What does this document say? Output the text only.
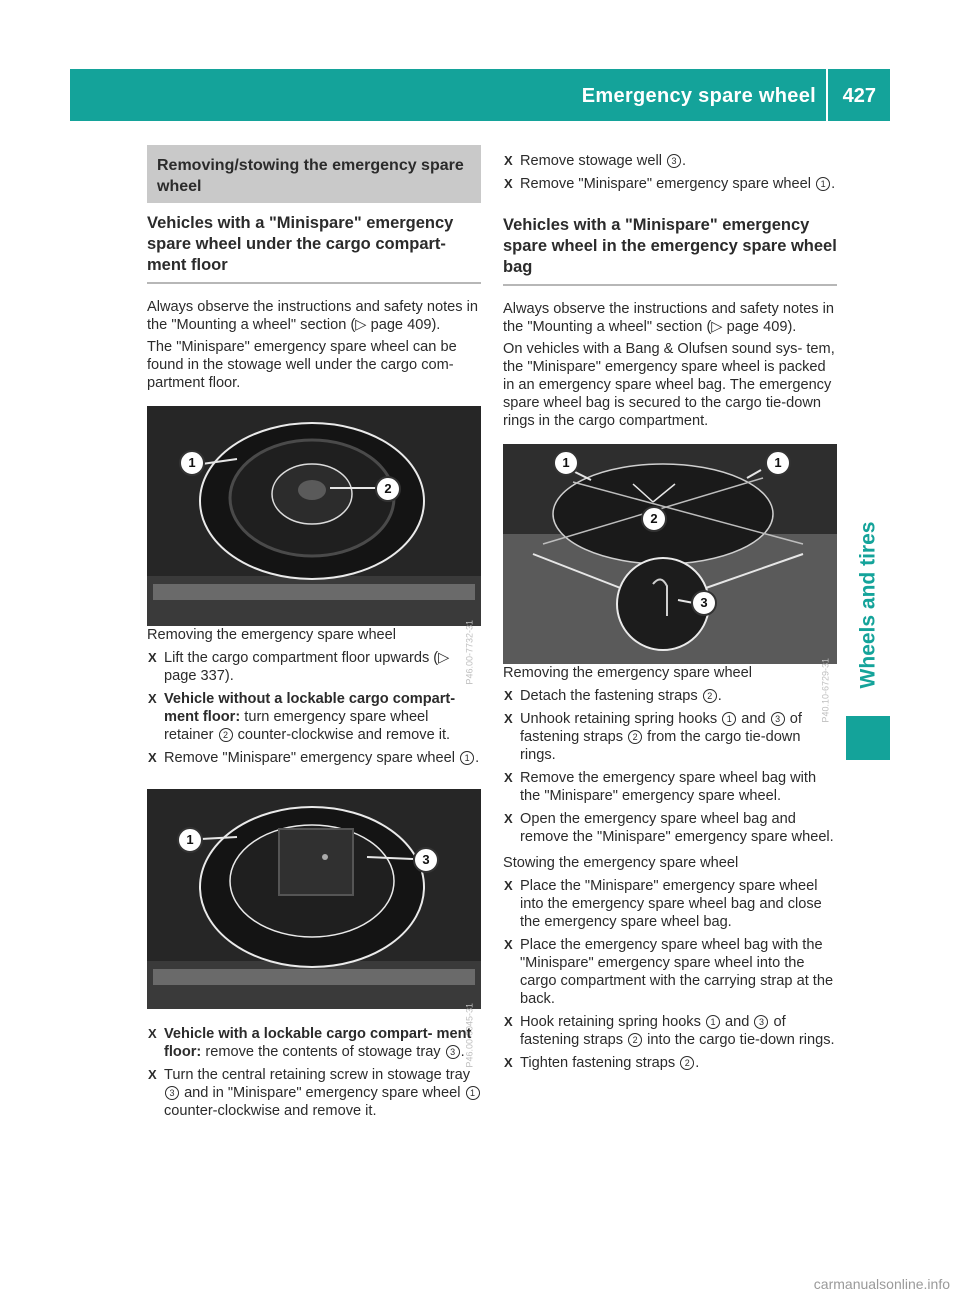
Emergency spare wheel 427
Wheels and tires
Removing/stowing the emergency spare wheel
Vehicles with a "Minispare" emergency spare wheel under the cargo compart- ment floor

Always observe the instructions and safety notes in the "Mounting a wheel" section (▷ page 409).

The "Minispare" emergency spare wheel can be found in the stowage well under the cargo com- partment floor.

1
2
P46.00-7732-31

Removing the emergency spare wheel

X Lift the cargo compartment floor upwards (▷ page 337).
X Vehicle without a lockable cargo compart- ment floor: turn emergency spare wheel retainer 2 counter-clockwise and remove it.
X Remove "Minispare" emergency spare wheel 1 .
1
3
P46.00-6045-31
X Vehicle with a lockable cargo compart- ment floor: remove the contents of stowage tray 3 .
X Turn the central retaining screw in stowage tray 3 and in "Minispare" emergency spare wheel 1 counter-clockwise and remove it.
X Remove stowage well 3 .
X Remove "Minispare" emergency spare wheel 1 .
Vehicles with a "Minispare" emergency spare wheel in the emergency spare wheel bag

Always observe the instructions and safety notes in the "Mounting a wheel" section (▷ page 409).

On vehicles with a Bang & Olufsen sound sys- tem, the "Minispare" emergency spare wheel is packed in an emergency spare wheel bag. The emergency spare wheel bag is secured to the cargo tie-down rings in the cargo compartment.

1	1
2
3
P40.10-6729-31

Removing the emergency spare wheel

X Detach the fastening straps 2 .
X Unhook retaining spring hooks 1 and 3 of fastening straps 2 from the cargo tie-down rings.
X Remove the emergency spare wheel bag with the "Minispare" emergency spare wheel.
X Open the emergency spare wheel bag and remove the "Minispare" emergency spare wheel.

Stowing the emergency spare wheel

X Place the "Minispare" emergency spare wheel into the emergency spare wheel bag and close the emergency spare wheel bag.
X Place the emergency spare wheel bag with the "Minispare" emergency spare wheel into the cargo compartment with the carrying strap at the back.
X Hook retaining spring hooks 1 and 3 of fastening straps 2 into the cargo tie-down rings.
X Tighten fastening straps 2 .
carmanualsonline.info
